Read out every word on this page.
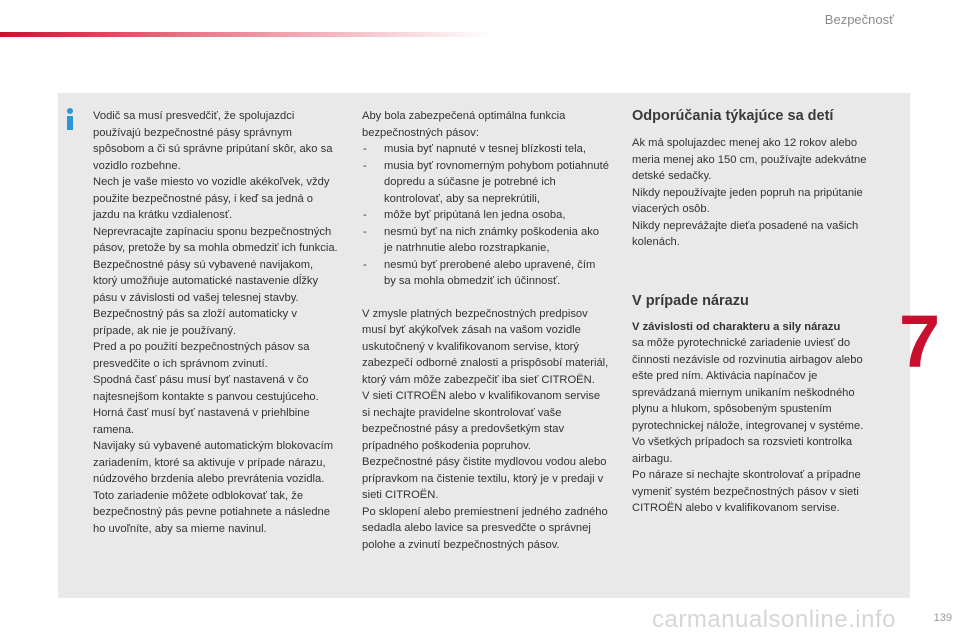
Bezpečnosť

Vodič sa musí presvedčiť, že spolujazdci používajú bezpečnostné pásy správnym spôsobom a či sú správne pripútaní skôr, ako sa vozidlo rozbehne.

Nech je vaše miesto vo vozidle akékoľvek, vždy použite bezpečnostné pásy, i keď sa jedná o jazdu na krátku vzdialenosť.

Neprevracajte zapínaciu sponu bezpečnostných pásov, pretože by sa mohla obmedziť ich funkcia.

Bezpečnostné pásy sú vybavené navijakom, ktorý umožňuje automatické nastavenie dĺžky pásu v závislosti od vašej telesnej stavby. Bezpečnostný pás sa zloží automaticky v prípade, ak nie je používaný.

Pred a po použití bezpečnostných pásov sa presvedčite o ich správnom zvinutí.

Spodná časť pásu musí byť nastavená v čo najtesnejšom kontakte s panvou cestujúceho.

Horná časť musí byť nastavená v priehlbine ramena.

Navijaky sú vybavené automatickým blokovacím zariadením, ktoré sa aktivuje v prípade nárazu, núdzového brzdenia alebo prevrátenia vozidla. Toto zariadenie môžete odblokovať tak, že bezpečnostný pás pevne potiahnete a následne ho uvoľníte, aby sa mierne navinul.

Aby bola zabezpečená optimálna funkcia bezpečnostných pásov:

- musia byť napnuté v tesnej blízkosti tela,
- musia byť rovnomerným pohybom potiahnuté dopredu a súčasne je potrebné ich kontrolovať, aby sa neprekrútili,
- môže byť pripútaná len jedna osoba,
- nesmú byť na nich známky poškodenia ako je natrhnutie alebo rozstrapkanie,
- nesmú byť prerobené alebo upravené, čím by sa mohla obmedziť ich účinnosť.

V zmysle platných bezpečnostných predpisov musí byť akýkoľvek zásah na vašom vozidle uskutočnený v kvalifikovanom servise, ktorý zabezpečí odborné znalosti a prispôsobí materiál, ktorý vám môže zabezpečiť iba sieť CITROËN.

V sieti CITROËN alebo v kvalifikovanom servise si nechajte pravidelne skontrolovať vaše bezpečnostné pásy a predovšetkým stav prípadného poškodenia popruhov.

Bezpečnostné pásy čistite mydlovou vodou alebo prípravkom na čistenie textilu, ktorý je v predaji v sieti CITROËN.

Po sklopení alebo premiestnení jedného zadného sedadla alebo lavice sa presvedčte o správnej polohe a zvinutí bezpečnostných pásov.

Odporúčania týkajúce sa detí

Ak má spolujazdec menej ako 12 rokov alebo meria menej ako 150 cm, používajte adekvátne detské sedačky.

Nikdy nepoužívajte jeden popruh na pripútanie viacerých osôb.

Nikdy neprevážajte dieťa posadené na vašich kolenách.

V prípade nárazu

V závislosti od charakteru a sily nárazu
sa môže pyrotechnické zariadenie uviesť do činnosti nezávisle od rozvinutia airbagov alebo ešte pred ním. Aktivácia napínačov je sprevádzaná miernym unikaním neškodného plynu a hlukom, spôsobeným spustením pyrotechnickej náložе, integrovanej v systéme.

Vo všetkých prípadoch sa rozsvieti kontrolka airbagu.

Po náraze si nechajte skontrolovať a prípadne vymeniť systém bezpečnostných pásov v sieti CITROËN alebo v kvalifikovanom servise.

7
carmanualsonline.info	139
